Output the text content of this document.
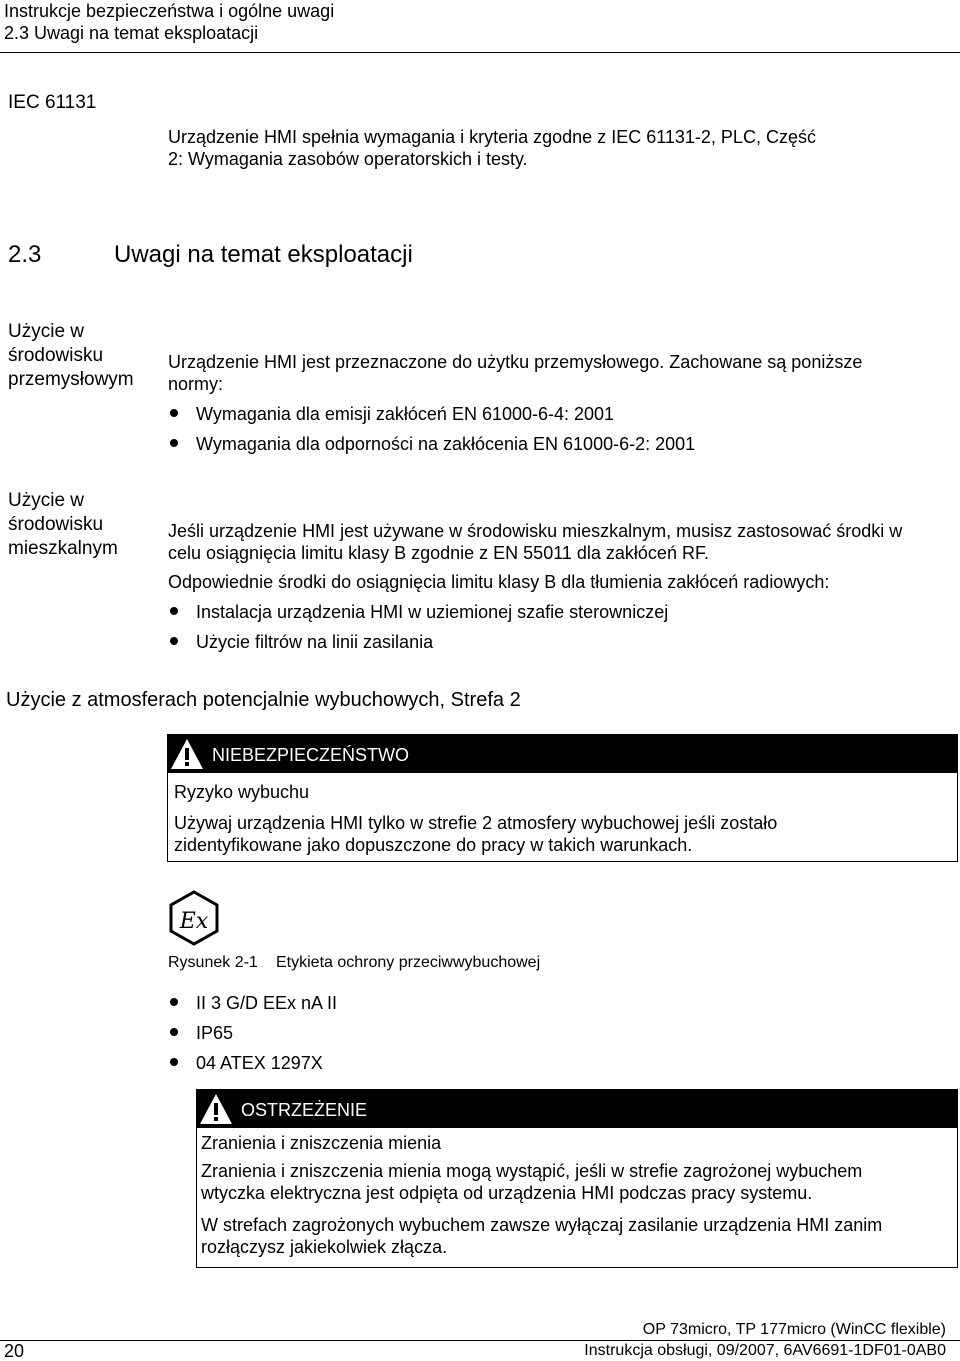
Instrukcje bezpieczeństwa i ogólne uwagi
2.3 Uwagi na temat eksploatacji
IEC 61131
Urządzenie HMI spełnia wymagania i kryteria zgodne z IEC 61131-2, PLC, Część
2: Wymagania zasobów operatorskich i testy.
2.3	Uwagi na temat eksploatacji
Użycie w
środowisku
przemysłowym
Urządzenie HMI jest przeznaczone do użytku przemysłowego. Zachowane są poniższe
normy:
Wymagania dla emisji zakłóceń EN 61000-6-4: 2001
Wymagania dla odporności na zakłócenia EN 61000-6-2: 2001
Użycie w
środowisku
mieszkalnym
Jeśli urządzenie HMI jest używane w środowisku mieszkalnym, musisz zastosować środki w
celu osiągnięcia limitu klasy B zgodnie z EN 55011 dla zakłóceń RF.
Odpowiednie środki do osiągnięcia limitu klasy B dla tłumienia zakłóceń radiowych:
Instalacja urządzenia HMI w uziemionej szafie sterowniczej
Użycie filtrów na linii zasilania
Użycie z atmosferach potencjalnie wybuchowych, Strefa 2
NIEBEZPIECZEŃSTWO
Ryzyko wybuchu
Używaj urządzenia HMI tylko w strefie 2 atmosfery wybuchowej jeśli zostało
zidentyfikowane jako dopuszczone do pracy w takich warunkach.
Ex
Rysunek 2-1 Etykieta ochrony przeciwwybuchowej
II 3 G/D EEx nA II
IP65
04 ATEX 1297X
OSTRZEŻENIE
Zranienia i zniszczenia mienia
Zranienia i zniszczenia mienia mogą wystąpić, jeśli w strefie zagrożonej wybuchem
wtyczka elektryczna jest odpięta od urządzenia HMI podczas pracy systemu.
W strefach zagrożonych wybuchem zawsze wyłączaj zasilanie urządzenia HMI zanim
rozłączysz jakiekolwiek złącza.
20
OP 73micro, TP 177micro (WinCC flexible)
Instrukcja obsługi, 09/2007, 6AV6691-1DF01-0AB0
